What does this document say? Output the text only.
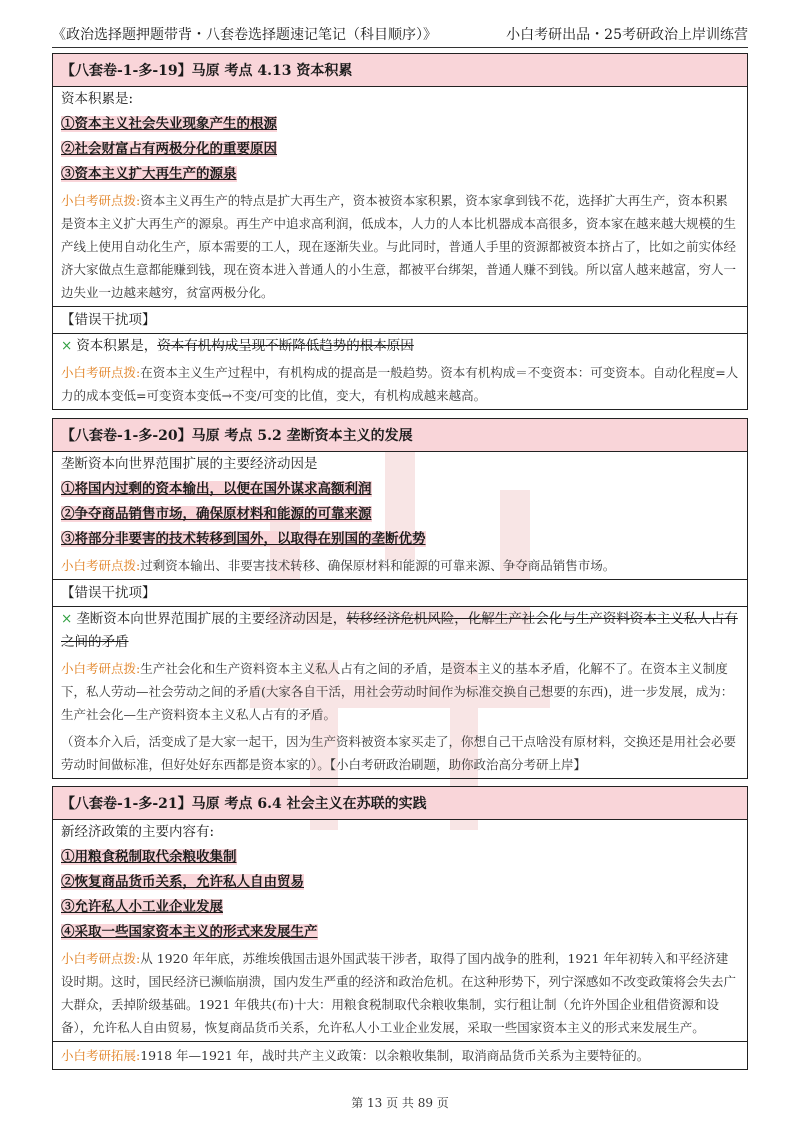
《政治选择题押题带背・八套卷选择题速记笔记（科目顺序）》	小白考研出品・25考研政治上岸训练营
【八套卷-1-多-19】马原 考点 4.13 资本积累
资本积累是:
①资本主义社会失业现象产生的根源
②社会财富占有两极分化的重要原因
③资本主义扩大再生产的源泉
小白考研点拨:资本主义再生产的特点是扩大再生产，资本被资本家积累，资本家拿到钱不花，选择扩大再生产，资本积累是资本主义扩大再生产的源泉。再生产中追求高利润，低成本，人力的人本比机器成本高很多，资本家在越来越大规模的生产线上使用自动化生产，原本需要的工人，现在逐渐失业。与此同时，普通人手里的资源都被资本挤占了，比如之前实体经济大家做点生意都能赚到钱，现在资本进入普通人的小生意，都被平台绑架，普通人赚不到钱。所以富人越来越富，穷人一边失业一边越来越穷，贫富两极分化。
【错误干扰项】
× 资本积累是，资本有机构成呈现不断降低趋势的根本原因
小白考研点拨:在资本主义生产过程中，有机构成的提高是一般趋势。资本有机构成＝不变资本：可变资本。自动化程度=人力的成本变低=可变资本变低→不变/可变的比值，变大，有机构成越来越高。
【八套卷-1-多-20】马原 考点 5.2 垄断资本主义的发展
垄断资本向世界范围扩展的主要经济动因是
①将国内过剩的资本输出，以便在国外谋求高额利润
②争夺商品销售市场，确保原材料和能源的可靠来源
③将部分非要害的技术转移到国外，以取得在别国的垄断优势
小白考研点拨:过剩资本输出、非要害技术转移、确保原材料和能源的可靠来源、争夺商品销售市场。
【错误干扰项】
× 垄断资本向世界范围扩展的主要经济动因是，转移经济危机风险，化解生产社会化与生产资料资本主义私人占有之间的矛盾
小白考研点拨:生产社会化和生产资料资本主义私人占有之间的矛盾，是资本主义的基本矛盾，化解不了。在资本主义制度下，私人劳动—社会劳动之间的矛盾(大家各自干活，用社会劳动时间作为标准交换自己想要的东西)，进一步发展，成为：生产社会化—生产资料资本主义私人占有的矛盾。
（资本介入后，活变成了是大家一起干，因为生产资料被资本家买走了，你想自己干点啥没有原材料，交换还是用社会必要劳动时间做标准，但好处好东西都是资本家的）。【小白考研政治刷题，助你政治高分考研上岸】
【八套卷-1-多-21】马原 考点 6.4 社会主义在苏联的实践
新经济政策的主要内容有:
①用粮食税制取代余粮收集制
②恢复商品货币关系，允许私人自由贸易
③允许私人小工业企业发展
④采取一些国家资本主义的形式来发展生产
小白考研点拨:从 1920 年年底，苏维埃俄国击退外国武装干涉者，取得了国内战争的胜利，1921 年年初转入和平经济建设时期。这时，国民经济已濒临崩溃，国内发生严重的经济和政治危机。在这种形势下，列宁深感如不改变政策将会失去广大群众，丢掉阶级基础。1921 年俄共(布)十大：用粮食税制取代余粮收集制，实行租让制（允许外国企业租借资源和设备），允许私人自由贸易，恢复商品货币关系，允许私人小工业企业发展，采取一些国家资本主义的形式来发展生产。
小白考研拓展:1918 年—1921 年，战时共产主义政策：以余粮收集制，取消商品货币关系为主要特征的。
第 13 页 共 89 页
